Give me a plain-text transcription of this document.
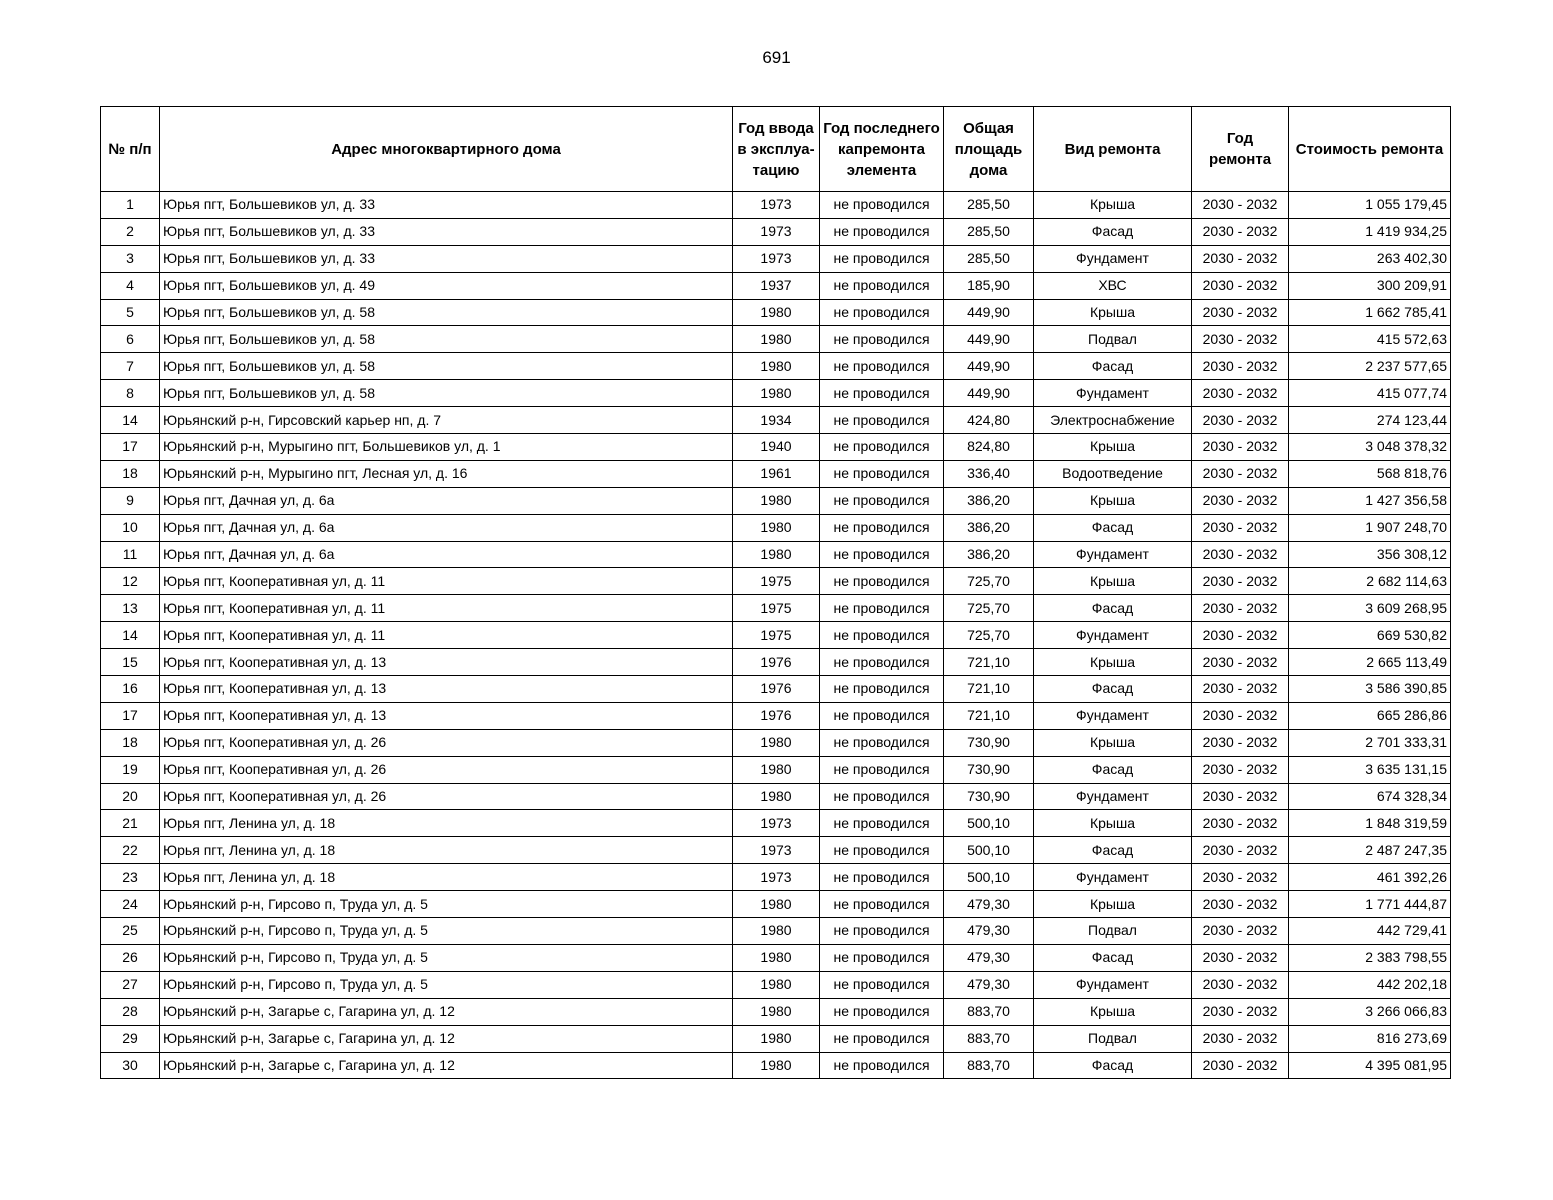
691
№ п/п	Адрес многоквартирного дома	Год ввода в эксплуа-тацию	Год последнего капремонта элемента	Общая площадь дома	Вид ремонта	Год ремонта	Стоимость ремонта
1	Юрья пгт, Большевиков ул, д. 33	1973	не проводился	285,50	Крыша	2030 - 2032	1 055 179,45
2	Юрья пгт, Большевиков ул, д. 33	1973	не проводился	285,50	Фасад	2030 - 2032	1 419 934,25
3	Юрья пгт, Большевиков ул, д. 33	1973	не проводился	285,50	Фундамент	2030 - 2032	263 402,30
4	Юрья пгт, Большевиков ул, д. 49	1937	не проводился	185,90	ХВС	2030 - 2032	300 209,91
5	Юрья пгт, Большевиков ул, д. 58	1980	не проводился	449,90	Крыша	2030 - 2032	1 662 785,41
6	Юрья пгт, Большевиков ул, д. 58	1980	не проводился	449,90	Подвал	2030 - 2032	415 572,63
7	Юрья пгт, Большевиков ул, д. 58	1980	не проводился	449,90	Фасад	2030 - 2032	2 237 577,65
8	Юрья пгт, Большевиков ул, д. 58	1980	не проводился	449,90	Фундамент	2030 - 2032	415 077,74
14	Юрьянский р-н, Гирсовский карьер нп, д. 7	1934	не проводился	424,80	Электроснабжение	2030 - 2032	274 123,44
17	Юрьянский р-н, Мурыгино пгт, Большевиков ул, д. 1	1940	не проводился	824,80	Крыша	2030 - 2032	3 048 378,32
18	Юрьянский р-н, Мурыгино пгт, Лесная ул, д. 16	1961	не проводился	336,40	Водоотведение	2030 - 2032	568 818,76
9	Юрья пгт, Дачная ул, д. 6а	1980	не проводился	386,20	Крыша	2030 - 2032	1 427 356,58
10	Юрья пгт, Дачная ул, д. 6а	1980	не проводился	386,20	Фасад	2030 - 2032	1 907 248,70
11	Юрья пгт, Дачная ул, д. 6а	1980	не проводился	386,20	Фундамент	2030 - 2032	356 308,12
12	Юрья пгт, Кооперативная ул, д. 11	1975	не проводился	725,70	Крыша	2030 - 2032	2 682 114,63
13	Юрья пгт, Кооперативная ул, д. 11	1975	не проводился	725,70	Фасад	2030 - 2032	3 609 268,95
14	Юрья пгт, Кооперативная ул, д. 11	1975	не проводился	725,70	Фундамент	2030 - 2032	669 530,82
15	Юрья пгт, Кооперативная ул, д. 13	1976	не проводился	721,10	Крыша	2030 - 2032	2 665 113,49
16	Юрья пгт, Кооперативная ул, д. 13	1976	не проводился	721,10	Фасад	2030 - 2032	3 586 390,85
17	Юрья пгт, Кооперативная ул, д. 13	1976	не проводился	721,10	Фундамент	2030 - 2032	665 286,86
18	Юрья пгт, Кооперативная ул, д. 26	1980	не проводился	730,90	Крыша	2030 - 2032	2 701 333,31
19	Юрья пгт, Кооперативная ул, д. 26	1980	не проводился	730,90	Фасад	2030 - 2032	3 635 131,15
20	Юрья пгт, Кооперативная ул, д. 26	1980	не проводился	730,90	Фундамент	2030 - 2032	674 328,34
21	Юрья пгт, Ленина ул, д. 18	1973	не проводился	500,10	Крыша	2030 - 2032	1 848 319,59
22	Юрья пгт, Ленина ул, д. 18	1973	не проводился	500,10	Фасад	2030 - 2032	2 487 247,35
23	Юрья пгт, Ленина ул, д. 18	1973	не проводился	500,10	Фундамент	2030 - 2032	461 392,26
24	Юрьянский р-н, Гирсово п, Труда ул, д. 5	1980	не проводился	479,30	Крыша	2030 - 2032	1 771 444,87
25	Юрьянский р-н, Гирсово п, Труда ул, д. 5	1980	не проводился	479,30	Подвал	2030 - 2032	442 729,41
26	Юрьянский р-н, Гирсово п, Труда ул, д. 5	1980	не проводился	479,30	Фасад	2030 - 2032	2 383 798,55
27	Юрьянский р-н, Гирсово п, Труда ул, д. 5	1980	не проводился	479,30	Фундамент	2030 - 2032	442 202,18
28	Юрьянский р-н, Загарье с, Гагарина ул, д. 12	1980	не проводился	883,70	Крыша	2030 - 2032	3 266 066,83
29	Юрьянский р-н, Загарье с, Гагарина ул, д. 12	1980	не проводился	883,70	Подвал	2030 - 2032	816 273,69
30	Юрьянский р-н, Загарье с, Гагарина ул, д. 12	1980	не проводился	883,70	Фасад	2030 - 2032	4 395 081,95
